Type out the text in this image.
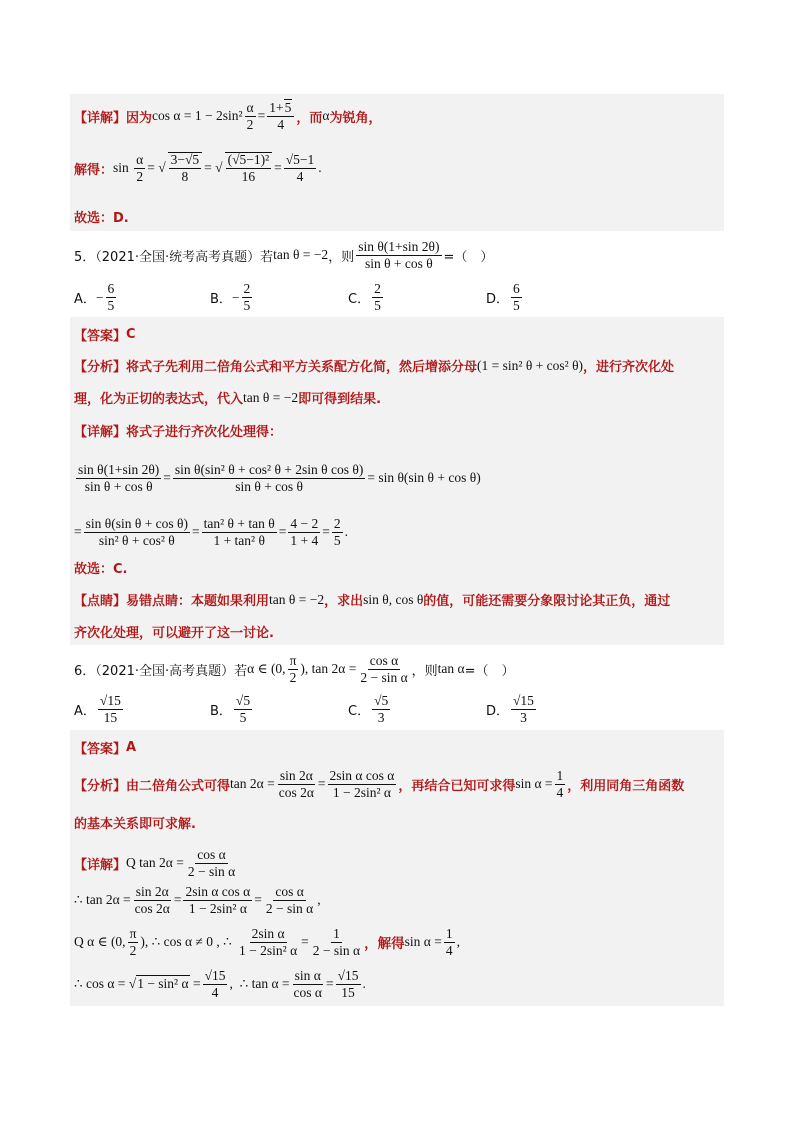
【详解】 因为 $\cos \alpha = 1 - 2\sin^2 \frac{\alpha}{2} = \frac{1+5}{4}$ ，而 α 为锐角，
解得： $\sin \frac{\alpha}{2}$ = √ $\frac{3-√5}{8}$ = √ $\frac{\text{(√5−1)²}}{16} = \frac{√5-1}{4}$ .
故选：D.
5．（2021·全国·统考高考真题）若 tan θ = −2 ，则 $\frac{\text{sin θ(1+sin 2θ)}}{\text{sin θ + cos θ}}$ =（　）
A． − $\frac{6}{5}$	B． − $\frac{2}{5}$	C． $\frac{2}{5}$	D． $\frac{6}{5}$
【答案】 C
【分析】 将式子先利用二倍角公式和平方关系配方化简，然后增添分母 (1 = sin² θ + cos² θ) ，进行齐次化处
理，化为正切的表达式，代入 tan θ = −2 即可得到结果.
【详解】 将式子进行齐次化处理得：
$\frac{\text{sin θ(1+sin 2θ)}}{\text{sin θ + cos θ}} = \frac{\text{sin θ(sin² θ + cos² θ + 2sin θ cos θ)}}{\text{sin θ + cos θ}} = \sin \theta(\sin$ θ + cos θ)
= $\frac{\text{sin θ(sin θ + cos θ)}}{\text{sin² θ + cos² θ}} = \frac{\text{tan² θ + tan θ}}{\text{1 + tan² θ}} = \frac{4 - 2}{1 + 4} = \frac{2}{5}$ .
故选：C.
【点睛】 易错点睛：本题如果利用 tan θ = −2 ，求出 sin θ, cos θ 的值，可能还需要分象限讨论其正负，通过
齐次化处理，可以避开了这一讨论.
6．（2021·全国·高考真题）若 α ∈ (0, $\frac{\pi}{2}$ ), $\tan 2\alpha = \frac{\text{cos α}}{\text{2 − sin α}}$ ，则 tan α =（　）
A． $\frac{√15}{15}$	B． $\frac{√5}{5}$	C． $\frac{√5}{3}$	D． $\frac{√15}{3}$
【答案】 A
【分析】 由二倍角公式可得 $\tan 2\alpha = \frac{\sin 2\alpha}{\cos 2\alpha} = \frac{\text{2sin α cos α}}{\text{1 − 2sin² α}}$ ，再结合已知可求得 $\sin \alpha = \frac{1}{4}$ ，利用同角三角函数
的基本关系即可求解.
【详解】 Q $\tan 2\alpha = \frac{\text{cos α}}{\text{2 − sin α}}$
∴ $\tan 2\alpha = \frac{\sin 2\alpha}{\cos 2\alpha} = \frac{\text{2sin α cos α}}{\text{1 − 2sin² α}} = \frac{\text{cos α}}{\text{2 − sin α}}$ ,
Q α ∈ (0, $\frac{\pi}{2}$ ), ∴ cos α ≠ 0 , ∴ $\frac{\text{2sin α}}{\text{1 − 2sin² α}} = \frac{1}{\text{2 − sin α}}$ ，解得 $\sin \alpha = \frac{1}{4}$ ,
∴ cos α = √1 − sin² $\alpha = \frac{√15}{4}$ ,  ∴ $\tan \alpha = \frac{\text{sin α}}{\text{cos α}} = \frac{√15}{15}$ .
